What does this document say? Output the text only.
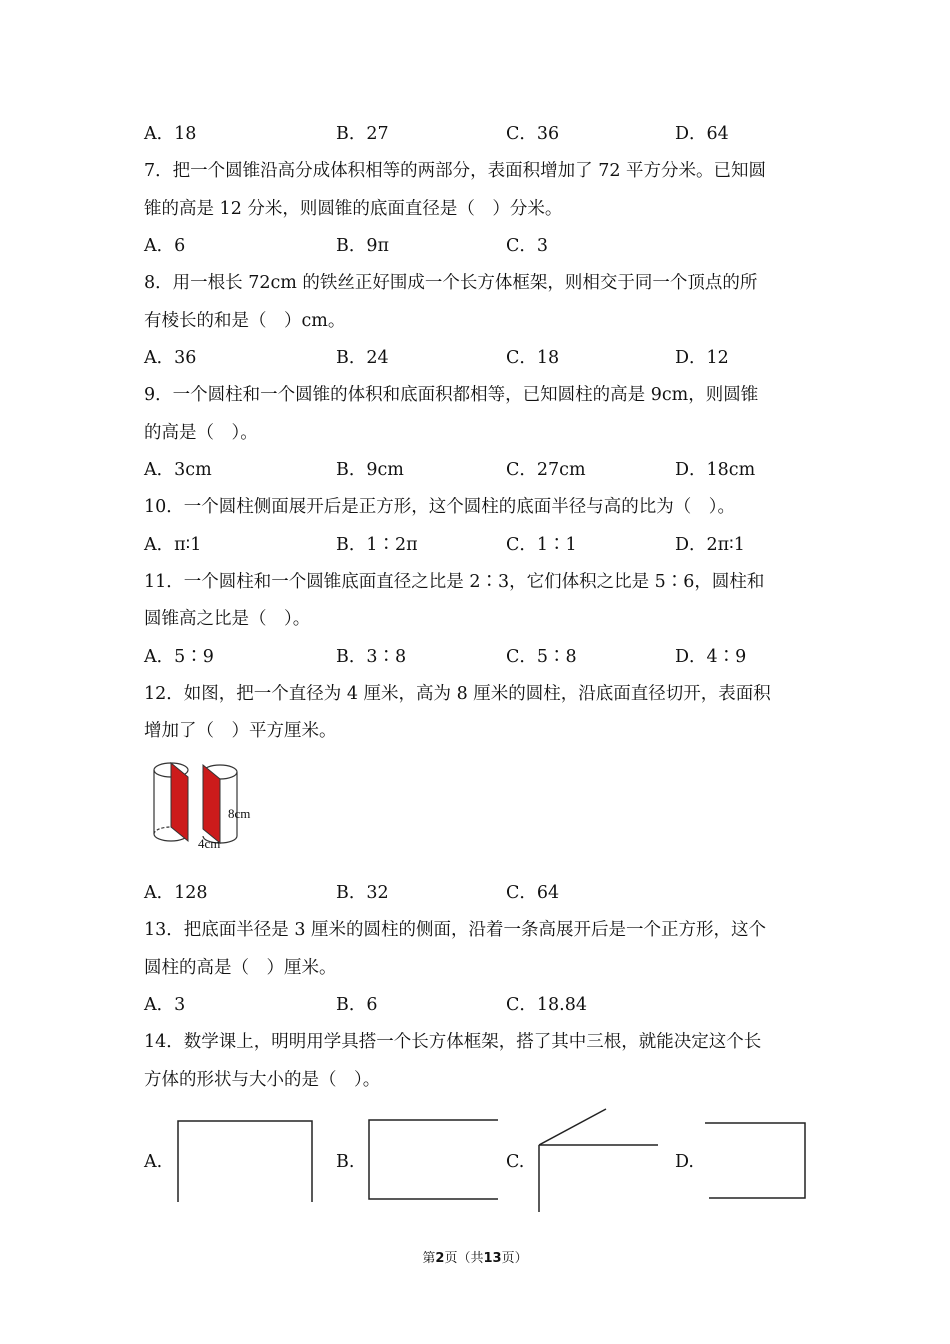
A．18	B．27	C．36	D．64
7．把一个圆锥沿高分成体积相等的两部分，表面积增加了 72 平方分米。已知圆
锥的高是 12 分米，则圆锥的底面直径是（　）分米。
A．6	B．9π	C．3
8．用一根长 72cm 的铁丝正好围成一个长方体框架，则相交于同一个顶点的所
有棱长的和是（　）cm。
A．36	B．24	C．18	D．12
9．一个圆柱和一个圆锥的体积和底面积都相等，已知圆柱的高是 9cm，则圆锥
的高是（　）。
A．3cm	B．9cm	C．27cm	D．18cm
10．一个圆柱侧面展开后是正方形，这个圆柱的底面半径与高的比为（　）。
A．π∶1	B．1∶2π	C．1∶1	D．2π∶1
11．一个圆柱和一个圆锥底面直径之比是 2∶3，它们体积之比是 5∶6，圆柱和
圆锥高之比是（　）。
A．5∶9	B．3∶8	C．5∶8	D．4∶9
12．如图，把一个直径为 4 厘米，高为 8 厘米的圆柱，沿底面直径切开，表面积
增加了（　）平方厘米。
8cm
4cm
A．128	B．32	C．64
13．把底面半径是 3 厘米的圆柱的侧面，沿着一条高展开后是一个正方形，这个
圆柱的高是（　）厘米。
A．3	B．6	C．18.84
14．数学课上，明明用学具搭一个长方体框架，搭了其中三根，就能决定这个长
方体的形状与大小的是（　）。
A.	B.	C.	D.
第2页（共13页）
